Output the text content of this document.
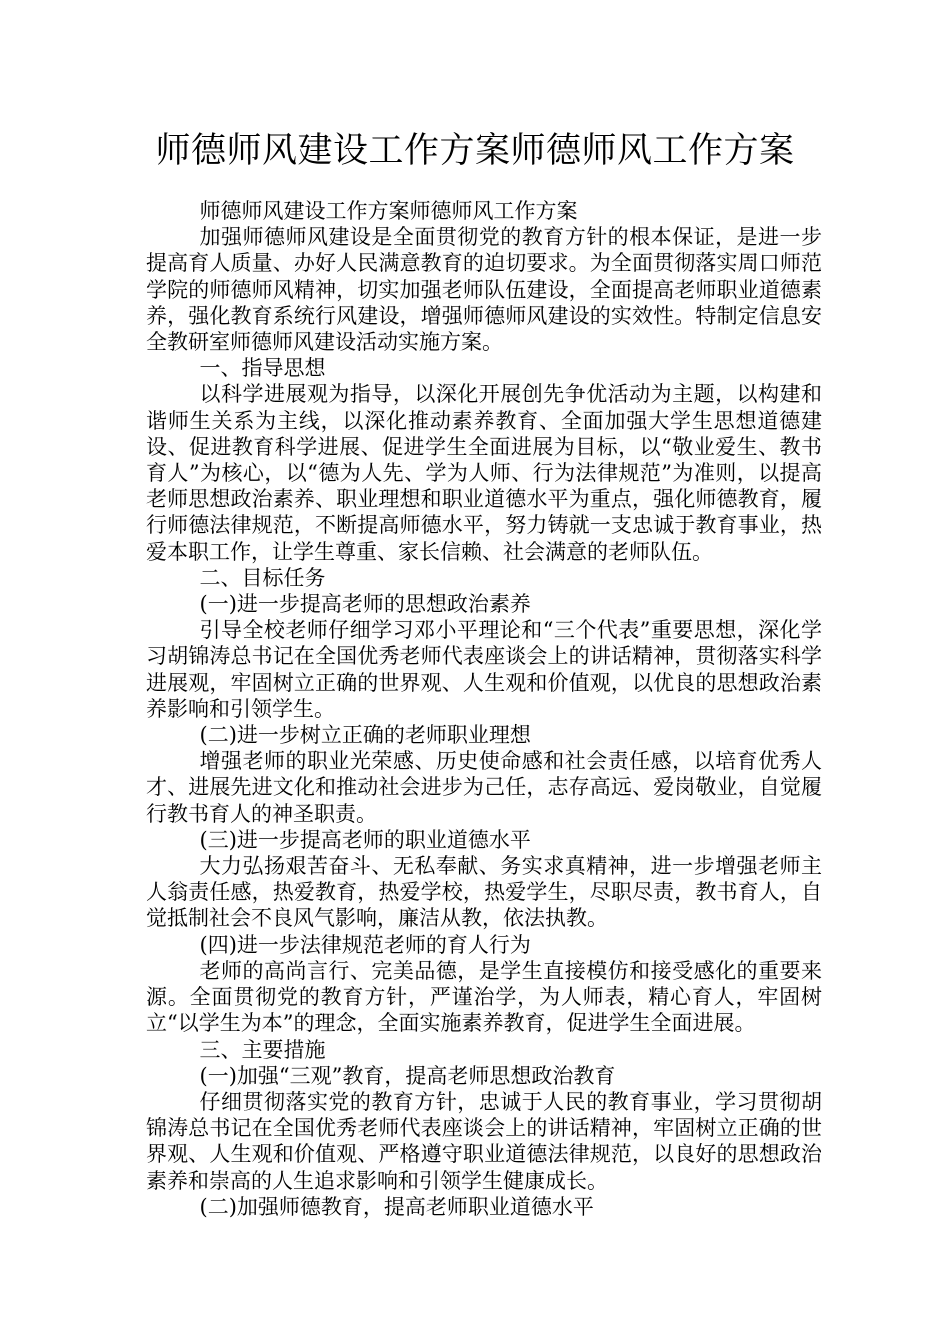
师德师风建设工作方案师德师风工作方案

师德师风建设工作方案师德师风工作方案

加强师德师风建设是全面贯彻党的教育方针的根本保证，是进一步提高育人质量、办好人民满意教育的迫切要求。为全面贯彻落实周口师范学院的师德师风精神，切实加强老师队伍建设，全面提高老师职业道德素养，强化教育系统行风建设，增强师德师风建设的实效性。特制定信息安全教研室师德师风建设活动实施方案。

一、指导思想

以科学进展观为指导，以深化开展创先争优活动为主题，以构建和谐师生关系为主线，以深化推动素养教育、全面加强大学生思想道德建设、促进教育科学进展、促进学生全面进展为目标，以“敬业爱生、教书育人”为核心，以“德为人先、学为人师、行为法律规范”为准则，以提高老师思想政治素养、职业理想和职业道德水平为重点，强化师德教育，履行师德法律规范，不断提高师德水平，努力铸就一支忠诚于教育事业，热爱本职工作，让学生尊重、家长信赖、社会满意的老师队伍。

二、目标任务

(一)进一步提高老师的思想政治素养

引导全校老师仔细学习邓小平理论和“三个代表”重要思想，深化学习胡锦涛总书记在全国优秀老师代表座谈会上的讲话精神，贯彻落实科学进展观，牢固树立正确的世界观、人生观和价值观，以优良的思想政治素养影响和引领学生。

(二)进一步树立正确的老师职业理想

增强老师的职业光荣感、历史使命感和社会责任感，以培育优秀人才、进展先进文化和推动社会进步为己任，志存高远、爱岗敬业，自觉履行教书育人的神圣职责。

(三)进一步提高老师的职业道德水平

大力弘扬艰苦奋斗、无私奉献、务实求真精神，进一步增强老师主人翁责任感，热爱教育，热爱学校，热爱学生，尽职尽责，教书育人，自觉抵制社会不良风气影响，廉洁从教，依法执教。

(四)进一步法律规范老师的育人行为

老师的高尚言行、完美品德，是学生直接模仿和接受感化的重要来源。全面贯彻党的教育方针，严谨治学，为人师表，精心育人，牢固树立“以学生为本”的理念，全面实施素养教育，促进学生全面进展。

三、主要措施

(一)加强“三观”教育，提高老师思想政治教育

仔细贯彻落实党的教育方针，忠诚于人民的教育事业，学习贯彻胡锦涛总书记在全国优秀老师代表座谈会上的讲话精神，牢固树立正确的世界观、人生观和价值观、严格遵守职业道德法律规范，以良好的思想政治素养和崇高的人生追求影响和引领学生健康成长。

(二)加强师德教育，提高老师职业道德水平
